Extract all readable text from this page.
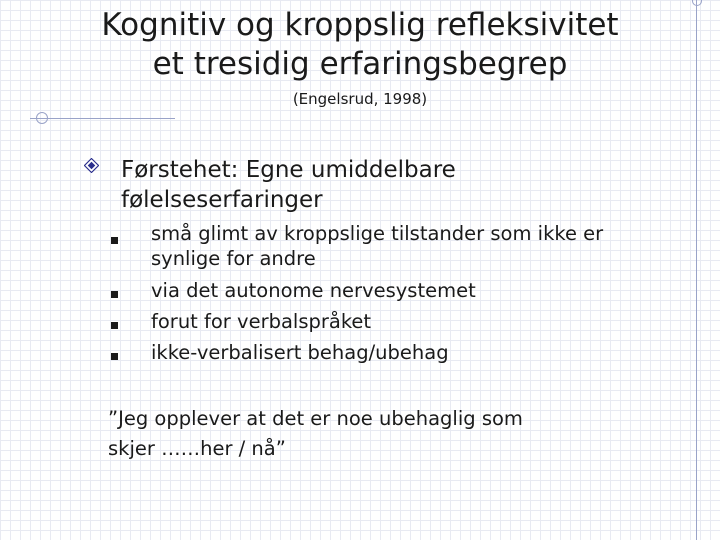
Kognitiv og kroppslig refleksivitet
et tresidig erfaringsbegrep
(Engelsrud, 1998)
Førstehet: Egne umiddelbare
følelseserfaringer
små glimt av kroppslige tilstander som ikke er
synlige for andre
via det autonome nervesystemet
forut for verbalspråket
ikke-verbalisert behag/ubehag
”Jeg opplever at det er noe ubehaglig som
skjer ……her / nå”
